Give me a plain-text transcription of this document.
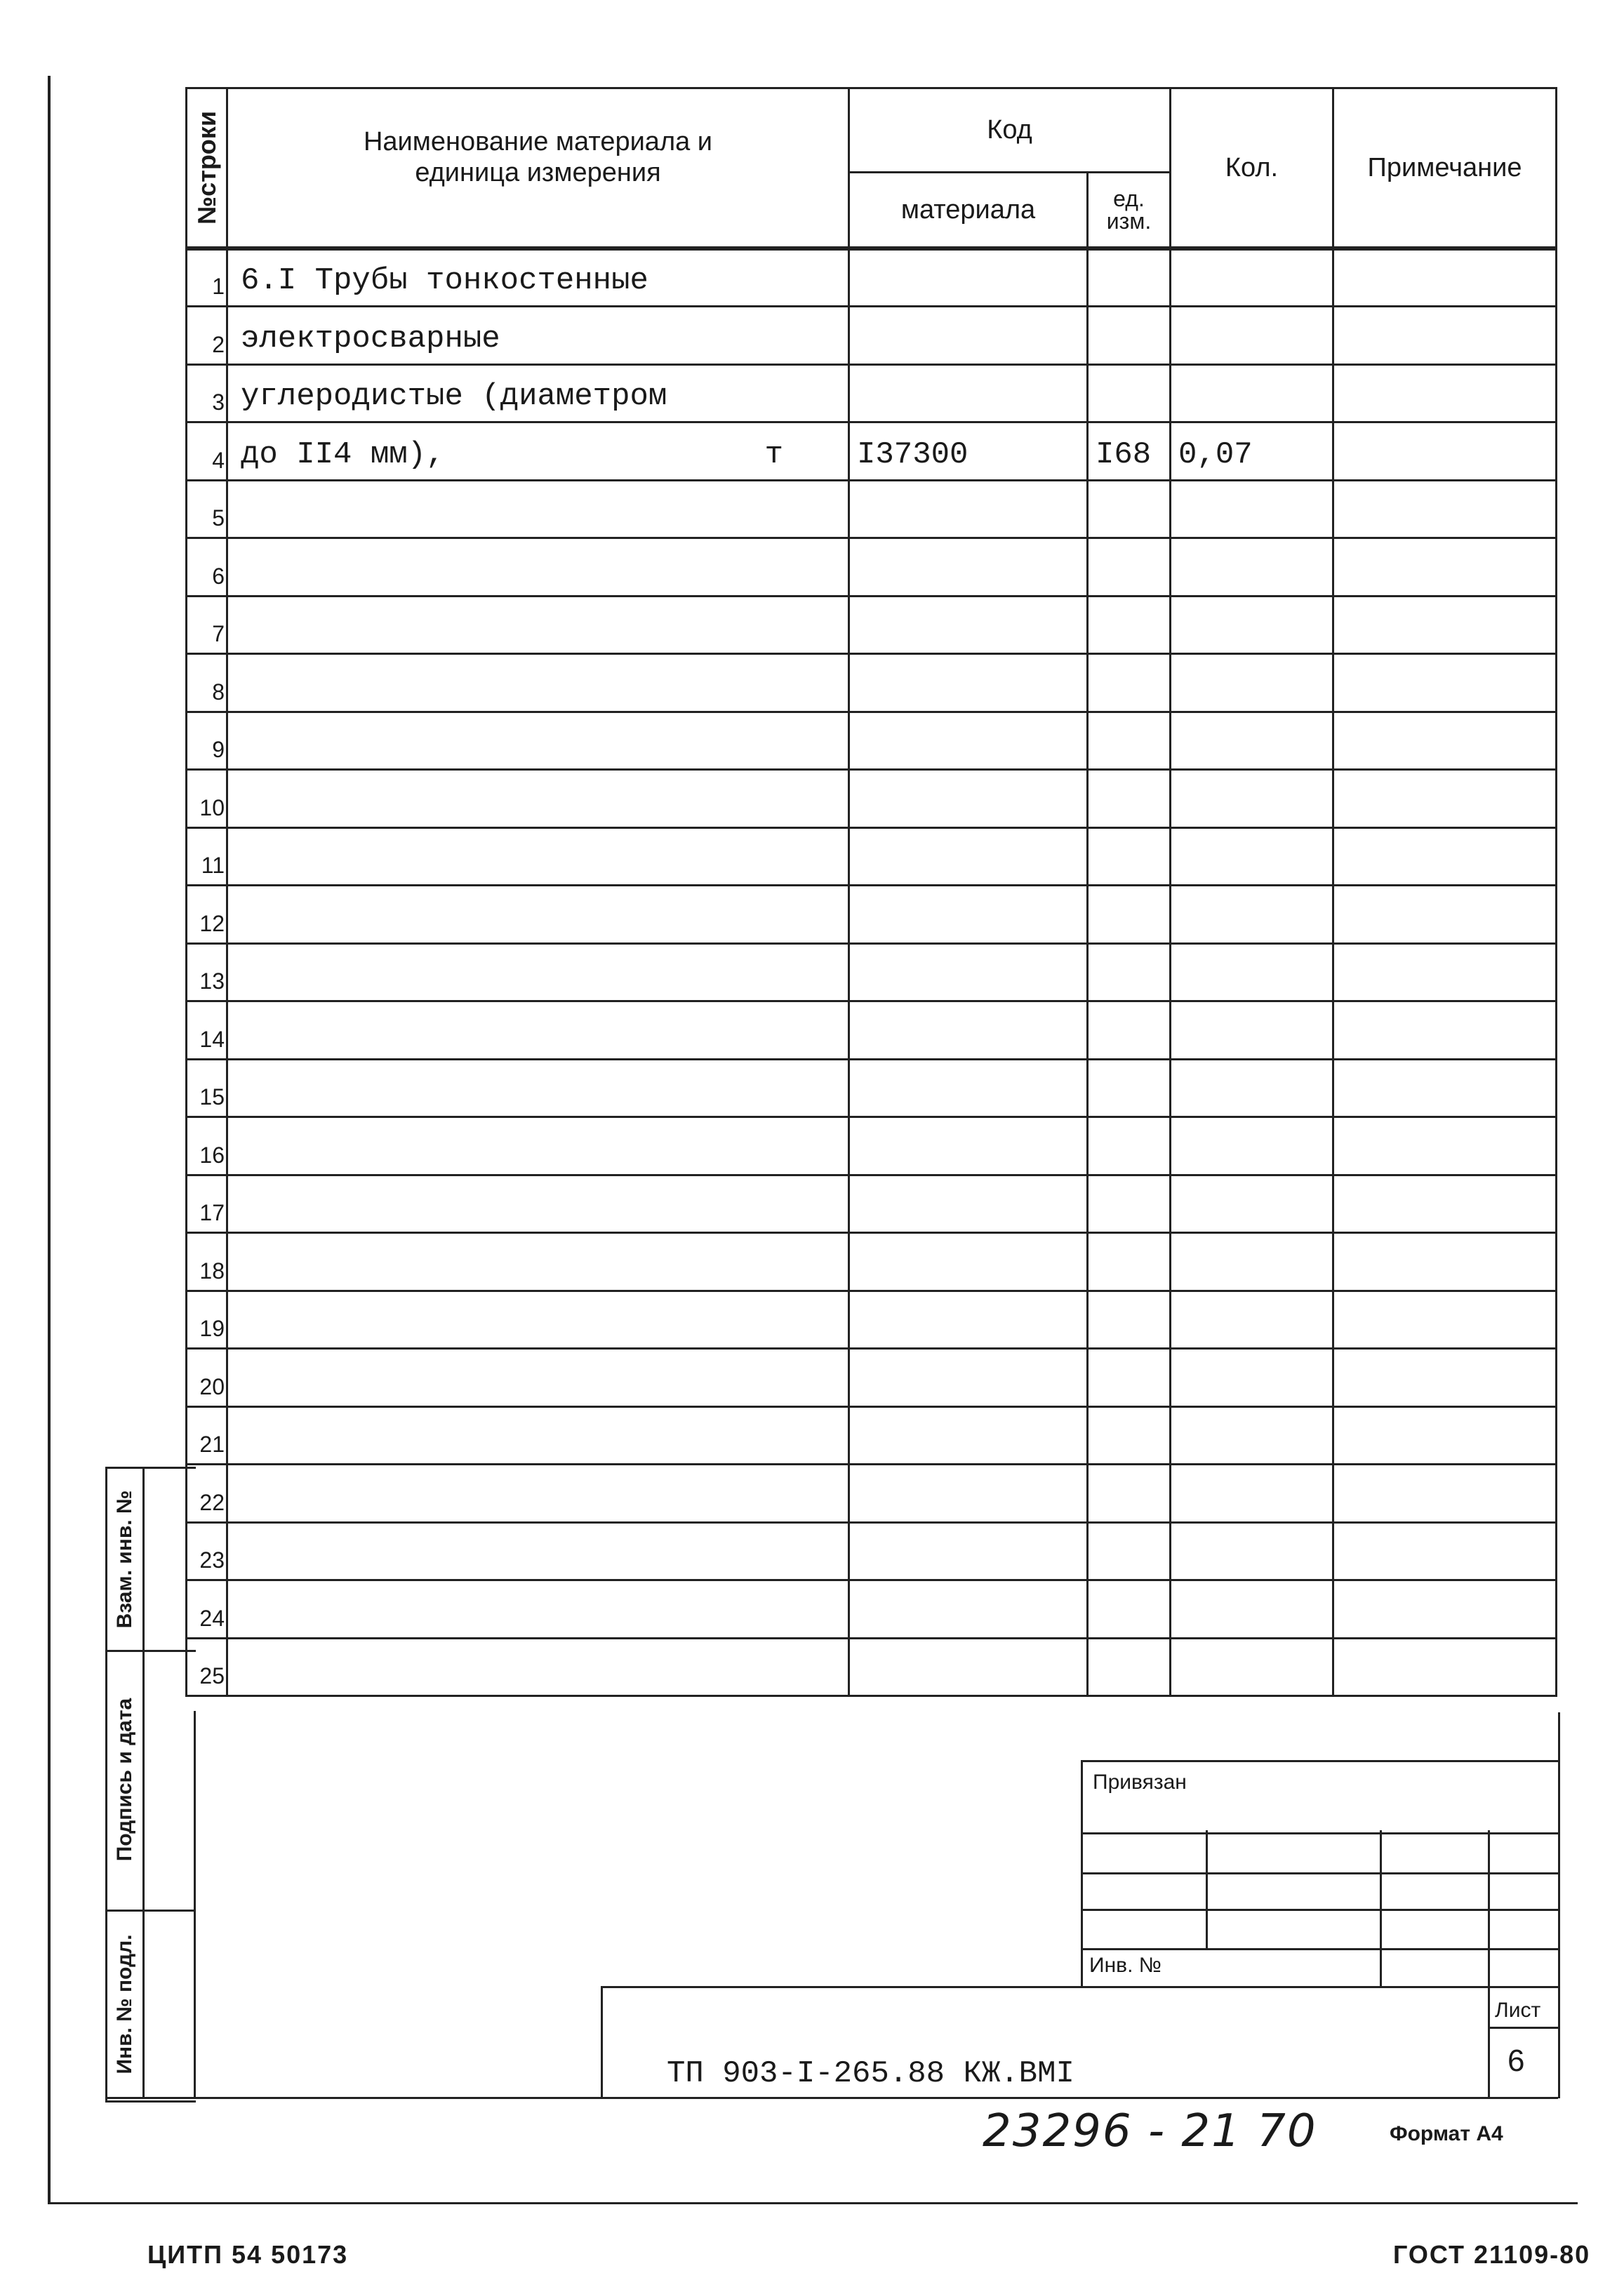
№строки	Наименование материала и единица измерения	Код		Кол.	Примечание
		материала	ед. изм.		
1	6.I Трубы тонкостенные

2	электросварные

3	углеродистые (диаметром

4	до II4 мм), т	I37300	I68	0,07	
5	

6	

7	

8	

9	

10	

11	

12	

13	

14	

15	

16	

17	

18	

19	

20	

21	

22	

23	

24	

25	

Взам. инв. №
Подпись и дата
Инв. № подл.
Привязан
Инв. №
ТП 903-I-265.88 КЖ.ВМI
Лист
6
23296 - 21 70	Формат А4
ЦИТП 54 50173	ГОСТ 21109-80
